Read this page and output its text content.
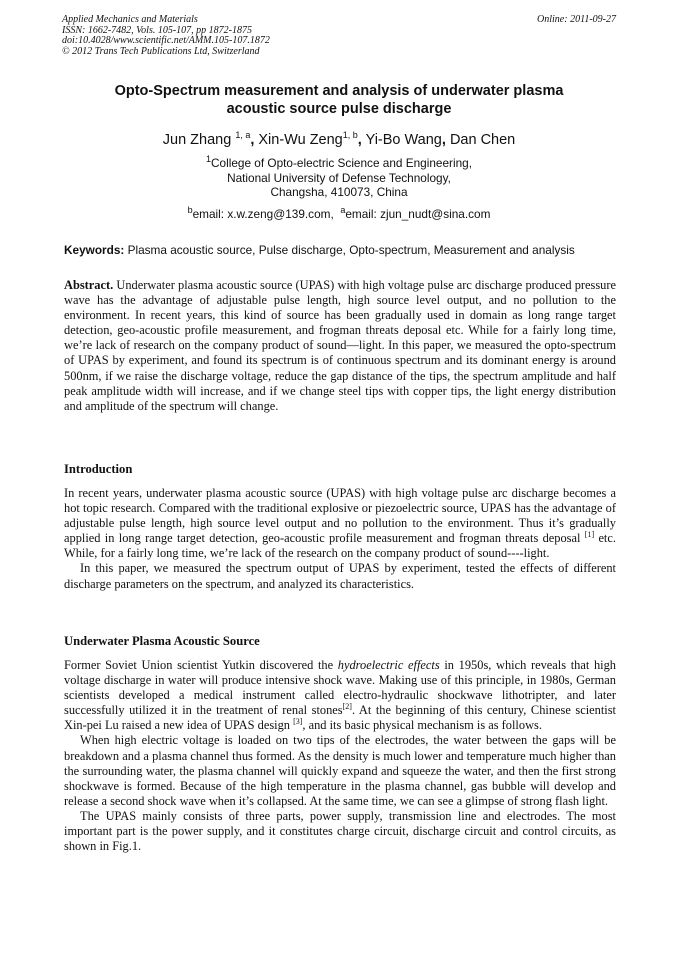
Applied Mechanics and Materials
ISSN: 1662-7482, Vols. 105-107, pp 1872-1875
doi:10.4028/www.scientific.net/AMM.105-107.1872
© 2012 Trans Tech Publications Ltd, Switzerland
Online: 2011-09-27
Opto-Spectrum measurement and analysis of underwater plasma
acoustic source pulse discharge
Jun Zhang $^{1, a}$, Xin-Wu Zeng$^{1, b}$, Yi-Bo Wang, Dan Chen
$^1$College of Opto-electric Science and Engineering,
National University of Defense Technology,
Changsha, 410073, China
$^b$email: x.w.zeng@139.com, $^a$email: zjun_nudt@sina.com
Keywords: Plasma acoustic source, Pulse discharge, Opto-spectrum, Measurement and analysis
Abstract. Underwater plasma acoustic source (UPAS) with high voltage pulse arc discharge produced pressure wave has the advantage of adjustable pulse length, high source level output, and no pollution to the environment. In recent years, this kind of source has been gradually used in domain as long range target detection, geo-acoustic profile measurement, and frogman threats deposal etc. While for a fairly long time, we’re lack of research on the company product of sound—light. In this paper, we measured the opto-spectrum of UPAS by experiment, and found its spectrum is of continuous spectrum and its dominant energy is around 500nm, if we raise the discharge voltage, reduce the gap distance of the tips, the spectrum amplitude and half peak amplitude width will increase, and if we change steel tips with copper tips, the light energy distribution and amplitude of the spectrum will change.
Introduction
In recent years, underwater plasma acoustic source (UPAS) with high voltage pulse arc discharge becomes a hot topic research. Compared with the traditional explosive or piezoelectric source, UPAS has the advantage of adjustable pulse length, high source level output and no pollution to the environment. Thus it’s gradually applied in long range target detection, geo-acoustic profile measurement and frogman threats deposal [1] etc. While, for a fairly long time, we’re lack of the research on the company product of sound----light.
In this paper, we measured the spectrum output of UPAS by experiment, tested the effects of different discharge parameters on the spectrum, and analyzed its characteristics.
Underwater Plasma Acoustic Source
Former Soviet Union scientist Yutkin discovered the hydroelectric effects in 1950s, which reveals that high voltage discharge in water will produce intensive shock wave. Making use of this principle, in 1980s, German scientists developed a medical instrument called electro-hydraulic shockwave lithotripter, and later successfully utilized it in the treatment of renal stones[2]. At the beginning of this century, Chinese scientist Xin-pei Lu raised a new idea of UPAS design [3], and its basic physical mechanism is as follows.
When high electric voltage is loaded on two tips of the electrodes, the water between the gaps will be breakdown and a plasma channel thus formed. As the density is much lower and temperature much higher than the surrounding water, the plasma channel will quickly expand and squeeze the water, and then the first strong shockwave is formed. Because of the high temperature in the plasma channel, gas bubble will develop and release a second shock wave when it’s collapsed. At the same time, we can see a glimpse of strong flash light.
The UPAS mainly consists of three parts, power supply, transmission line and electrodes. The most important part is the power supply, and it constitutes charge circuit, discharge circuit and control circuits, as shown in Fig.1.
